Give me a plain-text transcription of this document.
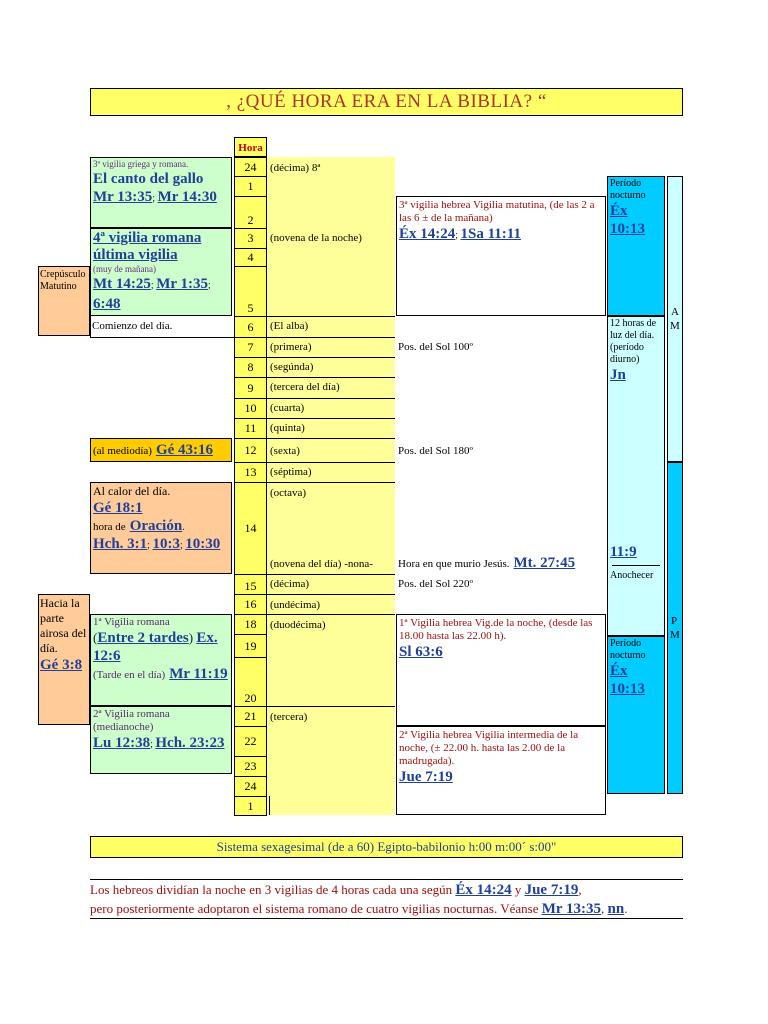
, ¿QUÉ HORA ERA EN LA BIBLIA? “
Hora
24
1
2
3
4
5
6
7
8
9
10
11
12
13
14
15
16
18
19
21
22
23
24
1
20
(décima) 8ª
(novena de la noche)
(El alba)
(primera)
(segúnda)
(tercera del día)
(cuarta)
(quinta)
(sexta)
(séptima)
(octava)
(novena del día) -nona-
(décima)
(undécima)
(duodécima)
(tercera)
3ª vigilia griega y romana.
El canto del gallo
Mr 13:35; Mr 14:30
4ª vigilia romana última vigilia
(muy de mañana)
Mt 14:25; Mr 1:35; 6:48
Crepúsculo Matutino
Comienzo del día.
(al mediodía) Gé 43:16
Al calor del día.
Gé 18:1
hora de Oración.
Hch. 3:1; 10:3; 10:30
Hacia la parte airosa del día.
Gé 3:8
1ª Vigilia romana
(Entre 2 tardes) Ex. 12:6
(Tarde en el día) Mr 11:19
2ª Vigilia romana
(medianoche)
Lu 12:38; Hch. 23:23
3ª vigilia hebrea Vigilia matutina, (de las 2 a las 6 ± de la mañana)
Éx 14:24; 1Sa 11:11
Pos. del Sol 100º
Pos. del Sol 180º
Hora en que murio Jesús. Mt. 27:45
Pos. del Sol 220º
1ª Vigilia hebrea Vig.de la noche, (desde las 18.00 hasta las 22.00 h).
Sl 63:6
2ª Vigilia hebrea Vigilia intermedia de la noche, (± 22.00 h. hasta las 2.00 de la madrugada).
Jue 7:19
Período nocturno
Éx 10:13
12 horas de luz del día. (período diurno)
Jn
11:9
Anochecer
Período nocturno
Éx 10:13
A
M
P
M
Sistema sexagesimal (de a 60) Egipto-babilonio h:00 m:00´ s:00"
Los hebreos dividían la noche en 3 vigilias de 4 horas cada una según Éx 14:24 y Jue 7:19,
pero posteriormente adoptaron el sistema romano de cuatro vigilias nocturnas. Véanse Mr 13:35, nn.
